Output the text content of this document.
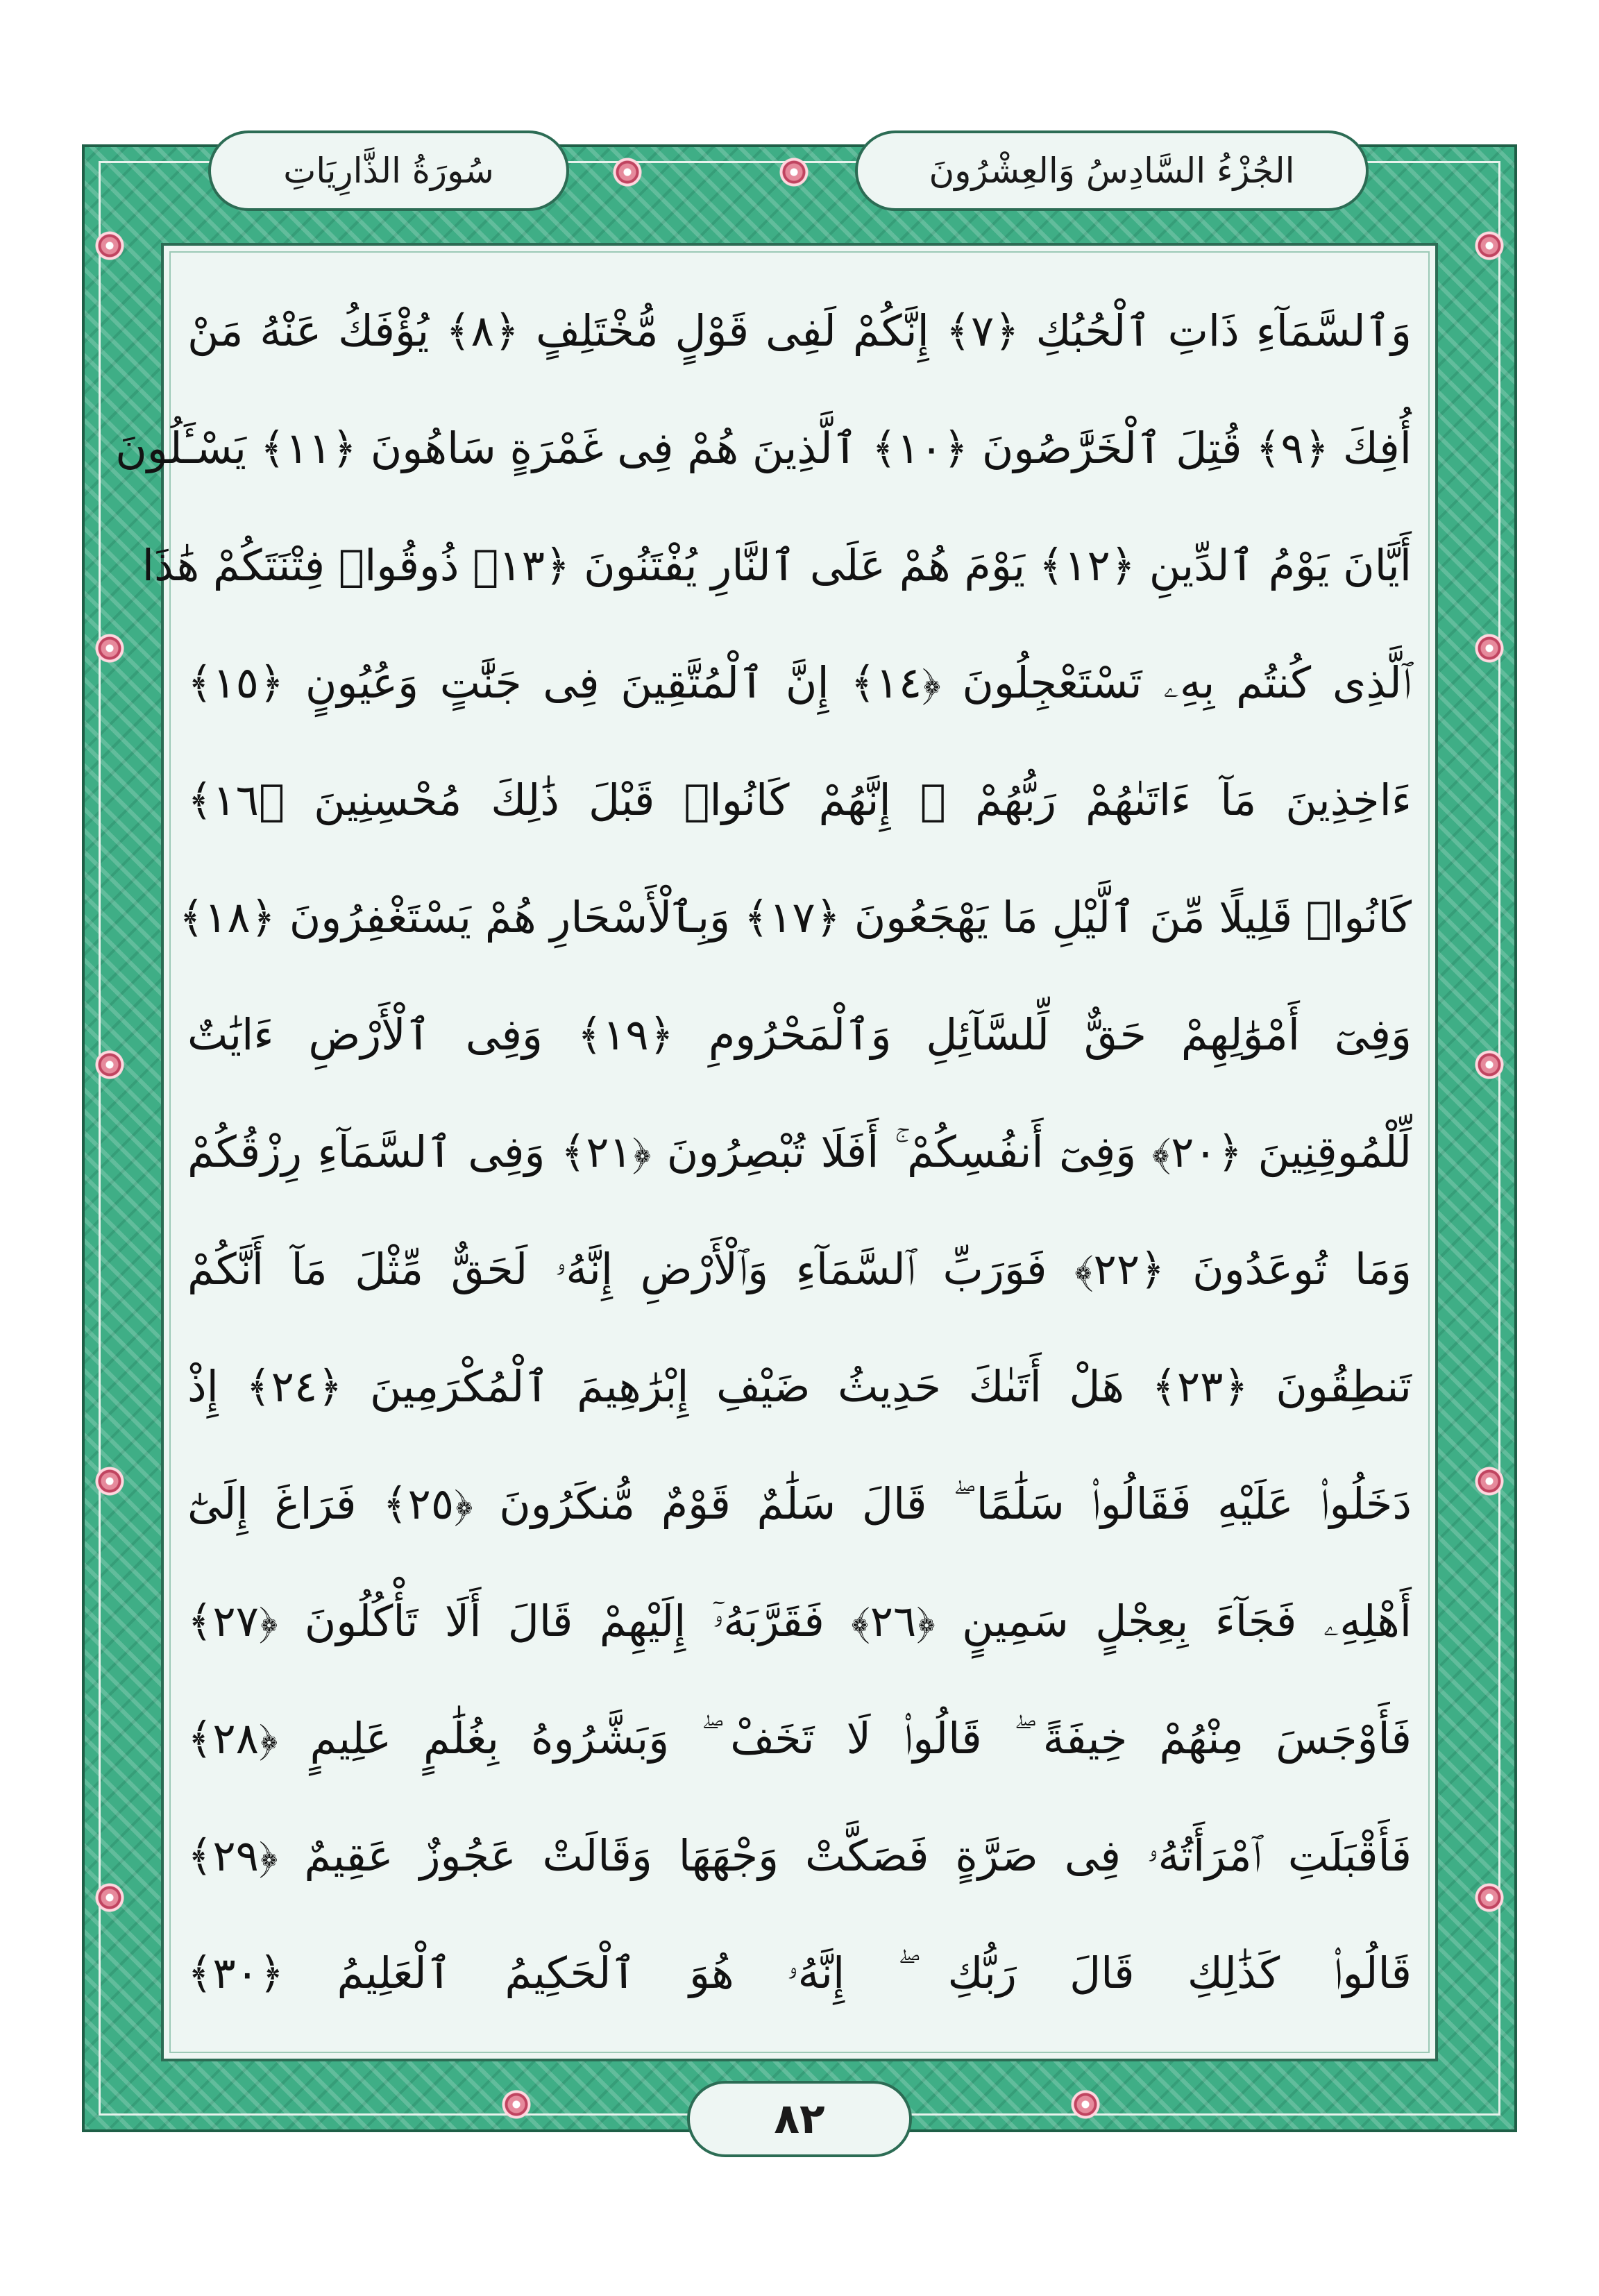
سُورَةُ الذَّارِيَاتِ	الجُزْءُ السَّادِسُ وَالعِشْرُونَ
وَٱلسَّمَآءِ ذَاتِ ٱلْحُبُكِ ﴿٧﴾ إِنَّكُمْ لَفِى قَوْلٍ مُّخْتَلِفٍ ﴿٨﴾ يُؤْفَكُ عَنْهُ مَنْ
أُفِكَ ﴿٩﴾ قُتِلَ ٱلْخَرَّٰصُونَ ﴿١٠﴾ ٱلَّذِينَ هُمْ فِى غَمْرَةٍ سَاهُونَ ﴿١١﴾ يَسْـَٔلُونَ
أَيَّانَ يَوْمُ ٱلدِّينِ ﴿١٢﴾ يَوْمَ هُمْ عَلَى ٱلنَّارِ يُفْتَنُونَ ﴿١٣﴾ ذُوقُوا۟ فِتْنَتَكُمْ هَٰذَا
ٱلَّذِى كُنتُم بِهِۦ تَسْتَعْجِلُونَ ﴿١٤﴾ إِنَّ ٱلْمُتَّقِينَ فِى جَنَّٰتٍ وَعُيُونٍ ﴿١٥﴾
ءَاخِذِينَ مَآ ءَاتَىٰهُمْ رَبُّهُمْ ۚ إِنَّهُمْ كَانُوا۟ قَبْلَ ذَٰلِكَ مُحْسِنِينَ ﴿١٦﴾
كَانُوا۟ قَلِيلًا مِّنَ ٱلَّيْلِ مَا يَهْجَعُونَ ﴿١٧﴾ وَبِٱلْأَسْحَارِ هُمْ يَسْتَغْفِرُونَ ﴿١٨﴾
وَفِىٓ أَمْوَٰلِهِمْ حَقٌّ لِّلسَّآئِلِ وَٱلْمَحْرُومِ ﴿١٩﴾ وَفِى ٱلْأَرْضِ ءَايَٰتٌ
لِّلْمُوقِنِينَ ﴿٢٠﴾ وَفِىٓ أَنفُسِكُمْ ۚ أَفَلَا تُبْصِرُونَ ﴿٢١﴾ وَفِى ٱلسَّمَآءِ رِزْقُكُمْ
وَمَا تُوعَدُونَ ﴿٢٢﴾ فَوَرَبِّ ٱلسَّمَآءِ وَٱلْأَرْضِ إِنَّهُۥ لَحَقٌّ مِّثْلَ مَآ أَنَّكُمْ
تَنطِقُونَ ﴿٢٣﴾ هَلْ أَتَىٰكَ حَدِيثُ ضَيْفِ إِبْرَٰهِيمَ ٱلْمُكْرَمِينَ ﴿٢٤﴾ إِذْ
دَخَلُوا۟ عَلَيْهِ فَقَالُوا۟ سَلَٰمًا ۖ قَالَ سَلَٰمٌ قَوْمٌ مُّنكَرُونَ ﴿٢٥﴾ فَرَاغَ إِلَىٰٓ
أَهْلِهِۦ فَجَآءَ بِعِجْلٍ سَمِينٍ ﴿٢٦﴾ فَقَرَّبَهُۥٓ إِلَيْهِمْ قَالَ أَلَا تَأْكُلُونَ ﴿٢٧﴾
فَأَوْجَسَ مِنْهُمْ خِيفَةً ۖ قَالُوا۟ لَا تَخَفْ ۖ وَبَشَّرُوهُ بِغُلَٰمٍ عَلِيمٍ ﴿٢٨﴾
فَأَقْبَلَتِ ٱمْرَأَتُهُۥ فِى صَرَّةٍ فَصَكَّتْ وَجْهَهَا وَقَالَتْ عَجُوزٌ عَقِيمٌ ﴿٢٩﴾
قَالُوا۟ كَذَٰلِكِ قَالَ رَبُّكِ ۖ إِنَّهُۥ هُوَ ٱلْحَكِيمُ ٱلْعَلِيمُ ﴿٣٠﴾
٨٢
